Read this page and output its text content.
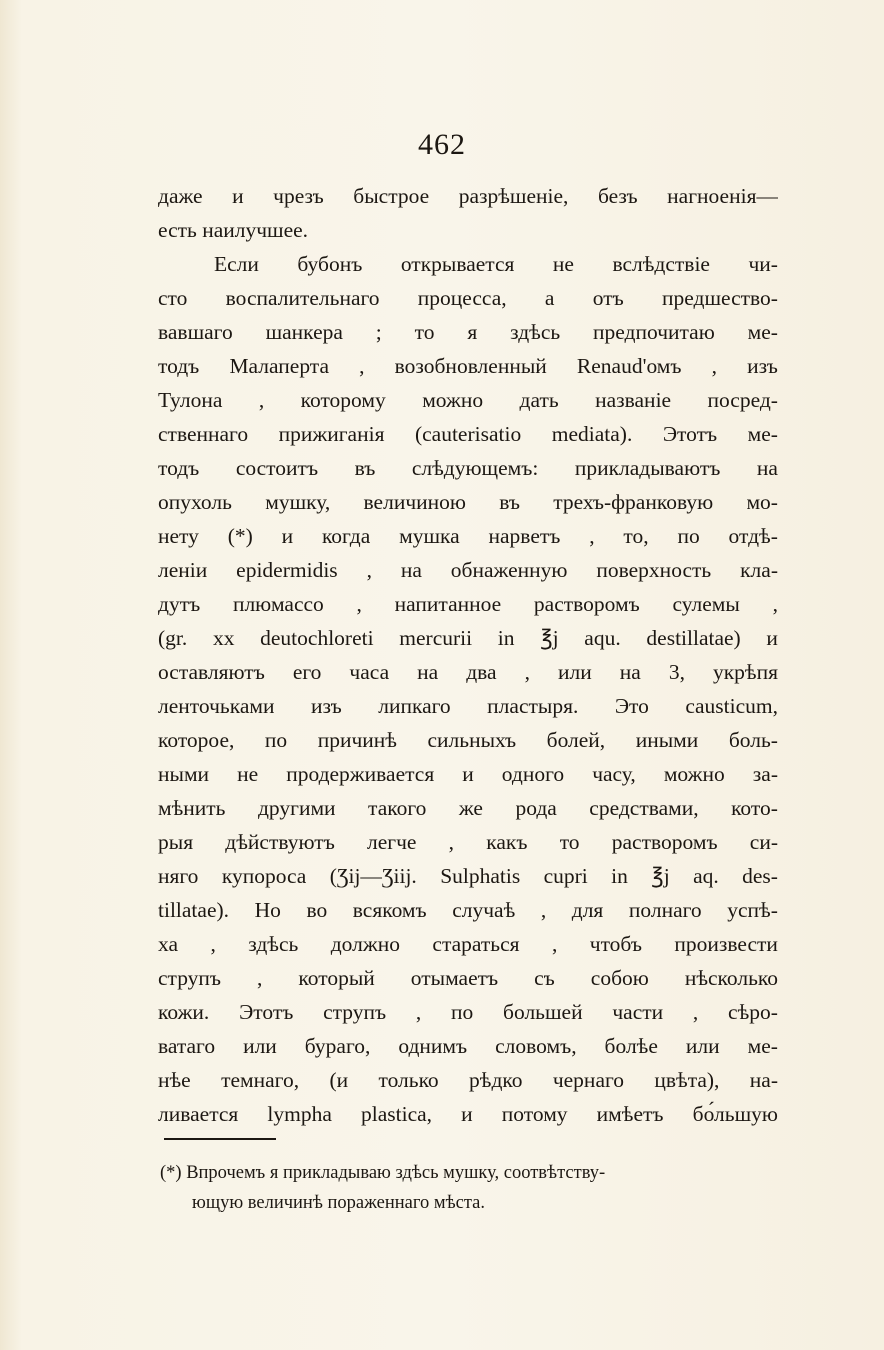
462
даже и чрезъ быстрое разрѣшеніе, безъ нагноенія—
есть наилучшее.
Если бубонъ открывается не вслѣдствіе чи-
сто воспалительнаго процесса, а отъ предшество-
вавшаго шанкера ; то я здѣсь предпочитаю ме-
тодъ Малаперта , возобновленный Renaud'омъ , изъ
Тулона , которому можно дать названіе посред-
ственнаго прижиганія (cauterisatio mediata). Этотъ ме-
тодъ состоитъ въ слѣдующемъ: прикладываютъ на
опухоль мушку, величиною въ трехъ-франковую мо-
нету (*) и когда мушка нарветъ , то, по отдѣ-
леніи epidermidis , на обнаженную поверхность кла-
дутъ плюмассо , напитанное растворомъ сулемы ,
(gr. xx deutochloreti mercurii in ℥j aqu. destillatae) и
оставляютъ его часа на два , или на 3, укрѣпя
ленточьками изъ липкаго пластыря. Это causticum,
которое, по причинѣ сильныхъ болей, иными боль-
ными не продерживается и одного часу, можно за-
мѣнить другими такого же рода средствами, кото-
рыя дѣйствуютъ легче , какъ то растворомъ си-
няго купороса (Ʒij—Ʒiij. Sulphatis cupri in ℥j aq. des-
tillatae). Но во всякомъ случаѣ , для полнаго успѣ-
ха , здѣсь должно стараться , чтобъ произвести
струпъ , который отымаетъ съ собою нѣсколько
кожи. Этотъ струпъ , по большей части , сѣро-
ватаго или бураго, однимъ словомъ, болѣе или ме-
нѣе темнаго, (и только рѣдко чернаго цвѣта), на-
ливается lympha plastica, и потому имѣетъ бо́льшую
(*) Впрочемъ я прикладываю здѣсь мушку, соотвѣтству-
ющую величинѣ пораженнаго мѣста.
